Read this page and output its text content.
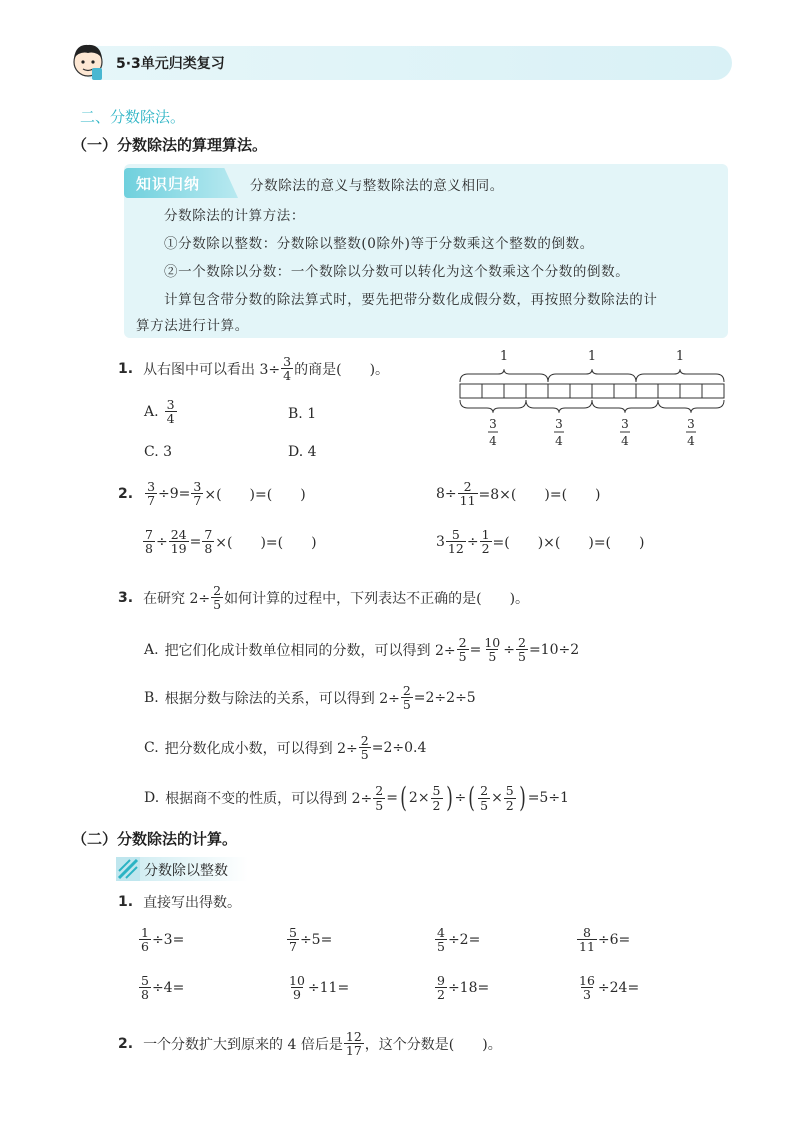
5·3单元归类复习
二、分数除法。
（一）分数除法的算理算法。
知识归纳	分数除法的意义与整数除法的意义相同。
分数除法的计算方法：
①分数除以整数：分数除以整数(0除外)等于分数乘这个整数的倒数。
②一个数除以分数：一个数除以分数可以转化为这个数乘这个分数的倒数。
计算包含带分数的除法算式时，要先把带分数化成假分数，再按照分数除法的计
算方法进行计算。
1. 从右图中可以看出 $3\div \frac{3}{4}$ 的商是(　　)。
A. $\frac{3}{4}$	B. 1
C. 3	D. 4
1	1	1
3
4
3
4
3
4
3
4
2. $\frac{3}{7} \div 9= \frac{3}{7}$ ×(　　)=(　　)	$8\div \frac{2}{11} =8\times$(　　)=(　　)
$\frac{7}{8} \div \frac{24}{19} = \frac{7}{8}$ ×(　　)=(　　)	$3 \frac{5}{12} \div \frac{1}{2}$ =(　　)×(　　)=(　　)
3. 在研究 $2\div \frac{2}{5}$ 如何计算的过程中，下列表达不正确的是(　　)。
A. 把它们化成计数单位相同的分数，可以得到 $2\div \frac{2}{5} = \frac{10}{5} \div \frac{2}{5} =10\div 2$
B. 根据分数与除法的关系，可以得到 $2\div \frac{2}{5} =2\div 2\div 5$
C. 把分数化成小数，可以得到 $2\div \frac{2}{5} =2\div 0.4$
D. 根据商不变的性质，可以得到 $2\div \frac{2}{5}$ = ( $2\times \frac{5}{2}$ ) ÷ ( $\frac{2}{5} \times \frac{5}{2}$ ) =5÷1
（二）分数除法的计算。
分数除以整数
1. 直接写出得数。
$\frac{1}{6} \div 3=$	$\frac{5}{7} \div 5=$	$\frac{4}{5} \div 2=$	$\frac{8}{11} \div 6=$
$\frac{5}{8} \div 4=$	$\frac{10}{9} \div 11=$	$\frac{9}{2} \div 18=$	$\frac{16}{3} \div 24=$
2. 一个分数扩大到原来的 4 倍后是 $\frac{12}{17}$ ，这个分数是(　　)。
